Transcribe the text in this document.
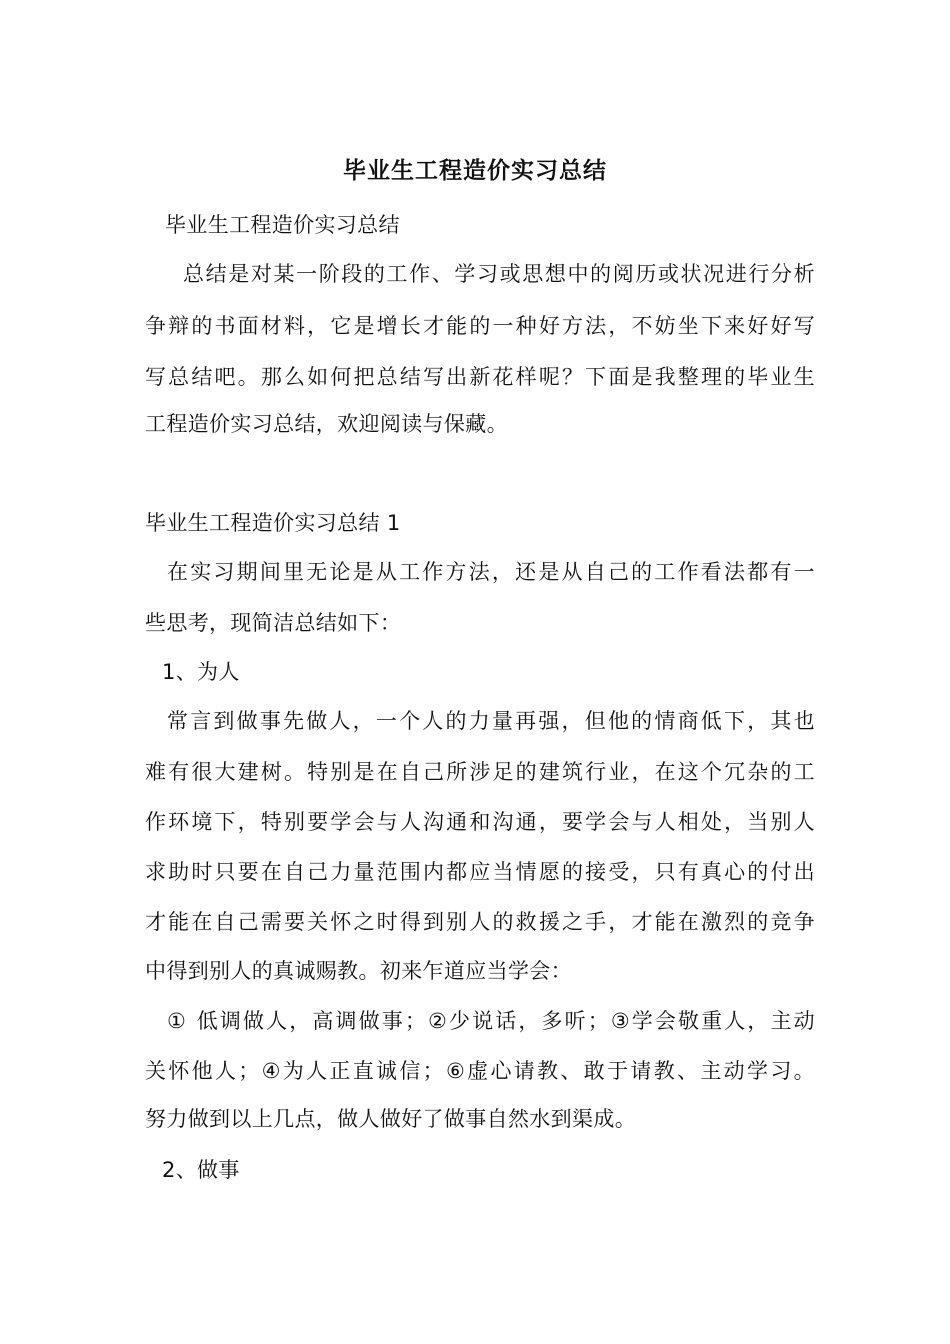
毕业生工程造价实习总结
毕业生工程造价实习总结
总结是对某一阶段的工作、学习或思想中的阅历或状况进行分析
争辩的书面材料，它是增长才能的一种好方法，不妨坐下来好好写
写总结吧。那么如何把总结写出新花样呢？下面是我整理的毕业生
工程造价实习总结，欢迎阅读与保藏。
毕业生工程造价实习总结 1
在实习期间里无论是从工作方法，还是从自己的工作看法都有一
些思考，现简洁总结如下：
1、为人
常言到做事先做人，一个人的力量再强，但他的情商低下，其也
难有很大建树。特别是在自己所涉足的建筑行业，在这个冗杂的工
作环境下，特别要学会与人沟通和沟通，要学会与人相处，当别人
求助时只要在自己力量范围内都应当情愿的接受，只有真心的付出
才能在自己需要关怀之时得到别人的救援之手，才能在激烈的竞争
中得到别人的真诚赐教。初来乍道应当学会：
① 低调做人，高调做事；②少说话，多听；③学会敬重人，主动
关怀他人；④为人正直诚信；⑥虚心请教、敢于请教、主动学习。
努力做到以上几点，做人做好了做事自然水到渠成。
2、做事
